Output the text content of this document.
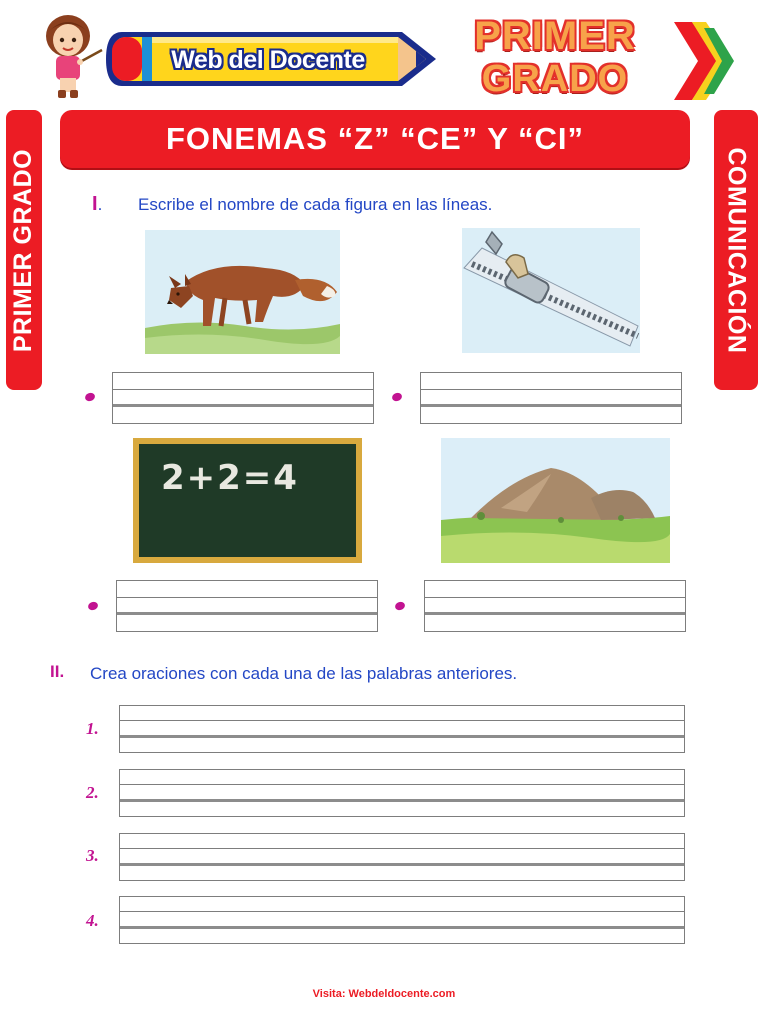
Web del Docente
PRIMER
GRADO
FONEMAS “Z” “CE” Y “CI”
PRIMER GRADO	COMUNICACIÓN
I. Escribe el nombre de cada figura en las líneas.
2+2=4
II. Crea oraciones con cada una de las palabras anteriores.
1.
2.
3.
4.
Visita: Webdeldocente.com
